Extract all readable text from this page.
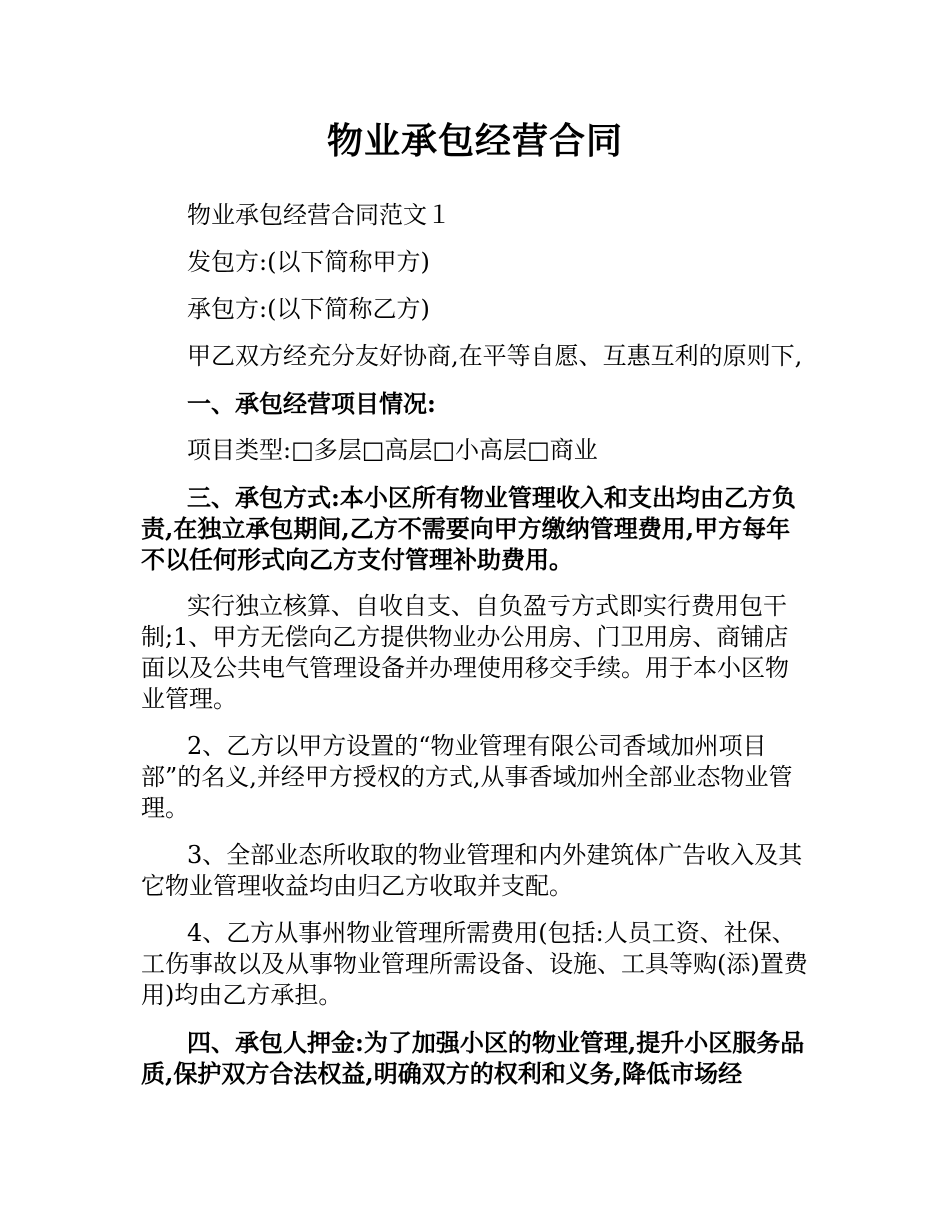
物业承包经营合同

物业承包经营合同范文１

发包方:(以下简称甲方)

承包方:(以下简称乙方)

甲乙双方经充分友好协商,在平等自愿、互惠互利的原则下,

一、承包经营项目情况:

项目类型:□多层□高层□小高层□商业

三、承包方式:本小区所有物业管理收入和支出均由乙方负责,在独立承包期间,乙方不需要向甲方缴纳管理费用,甲方每年不以任何形式向乙方支付管理补助费用。

实行独立核算、自收自支、自负盈亏方式即实行费用包干制;1、甲方无偿向乙方提供物业办公用房、门卫用房、商铺店面以及公共电气管理设备并办理使用移交手续。用于本小区物业管理。

2、乙方以甲方设置的“物业管理有限公司香域加州项目部”的名义,并经甲方授权的方式,从事香域加州全部业态物业管理。

3、全部业态所收取的物业管理和内外建筑体广告收入及其它物业管理收益均由归乙方收取并支配。

4、乙方从事州物业管理所需费用(包括:人员工资、社保、工伤事故以及从事物业管理所需设备、设施、工具等购(添)置费用)均由乙方承担。

四、承包人押金:为了加强小区的物业管理,提升小区服务品质,保护双方合法权益,明确双方的权利和义务,降低市场经
